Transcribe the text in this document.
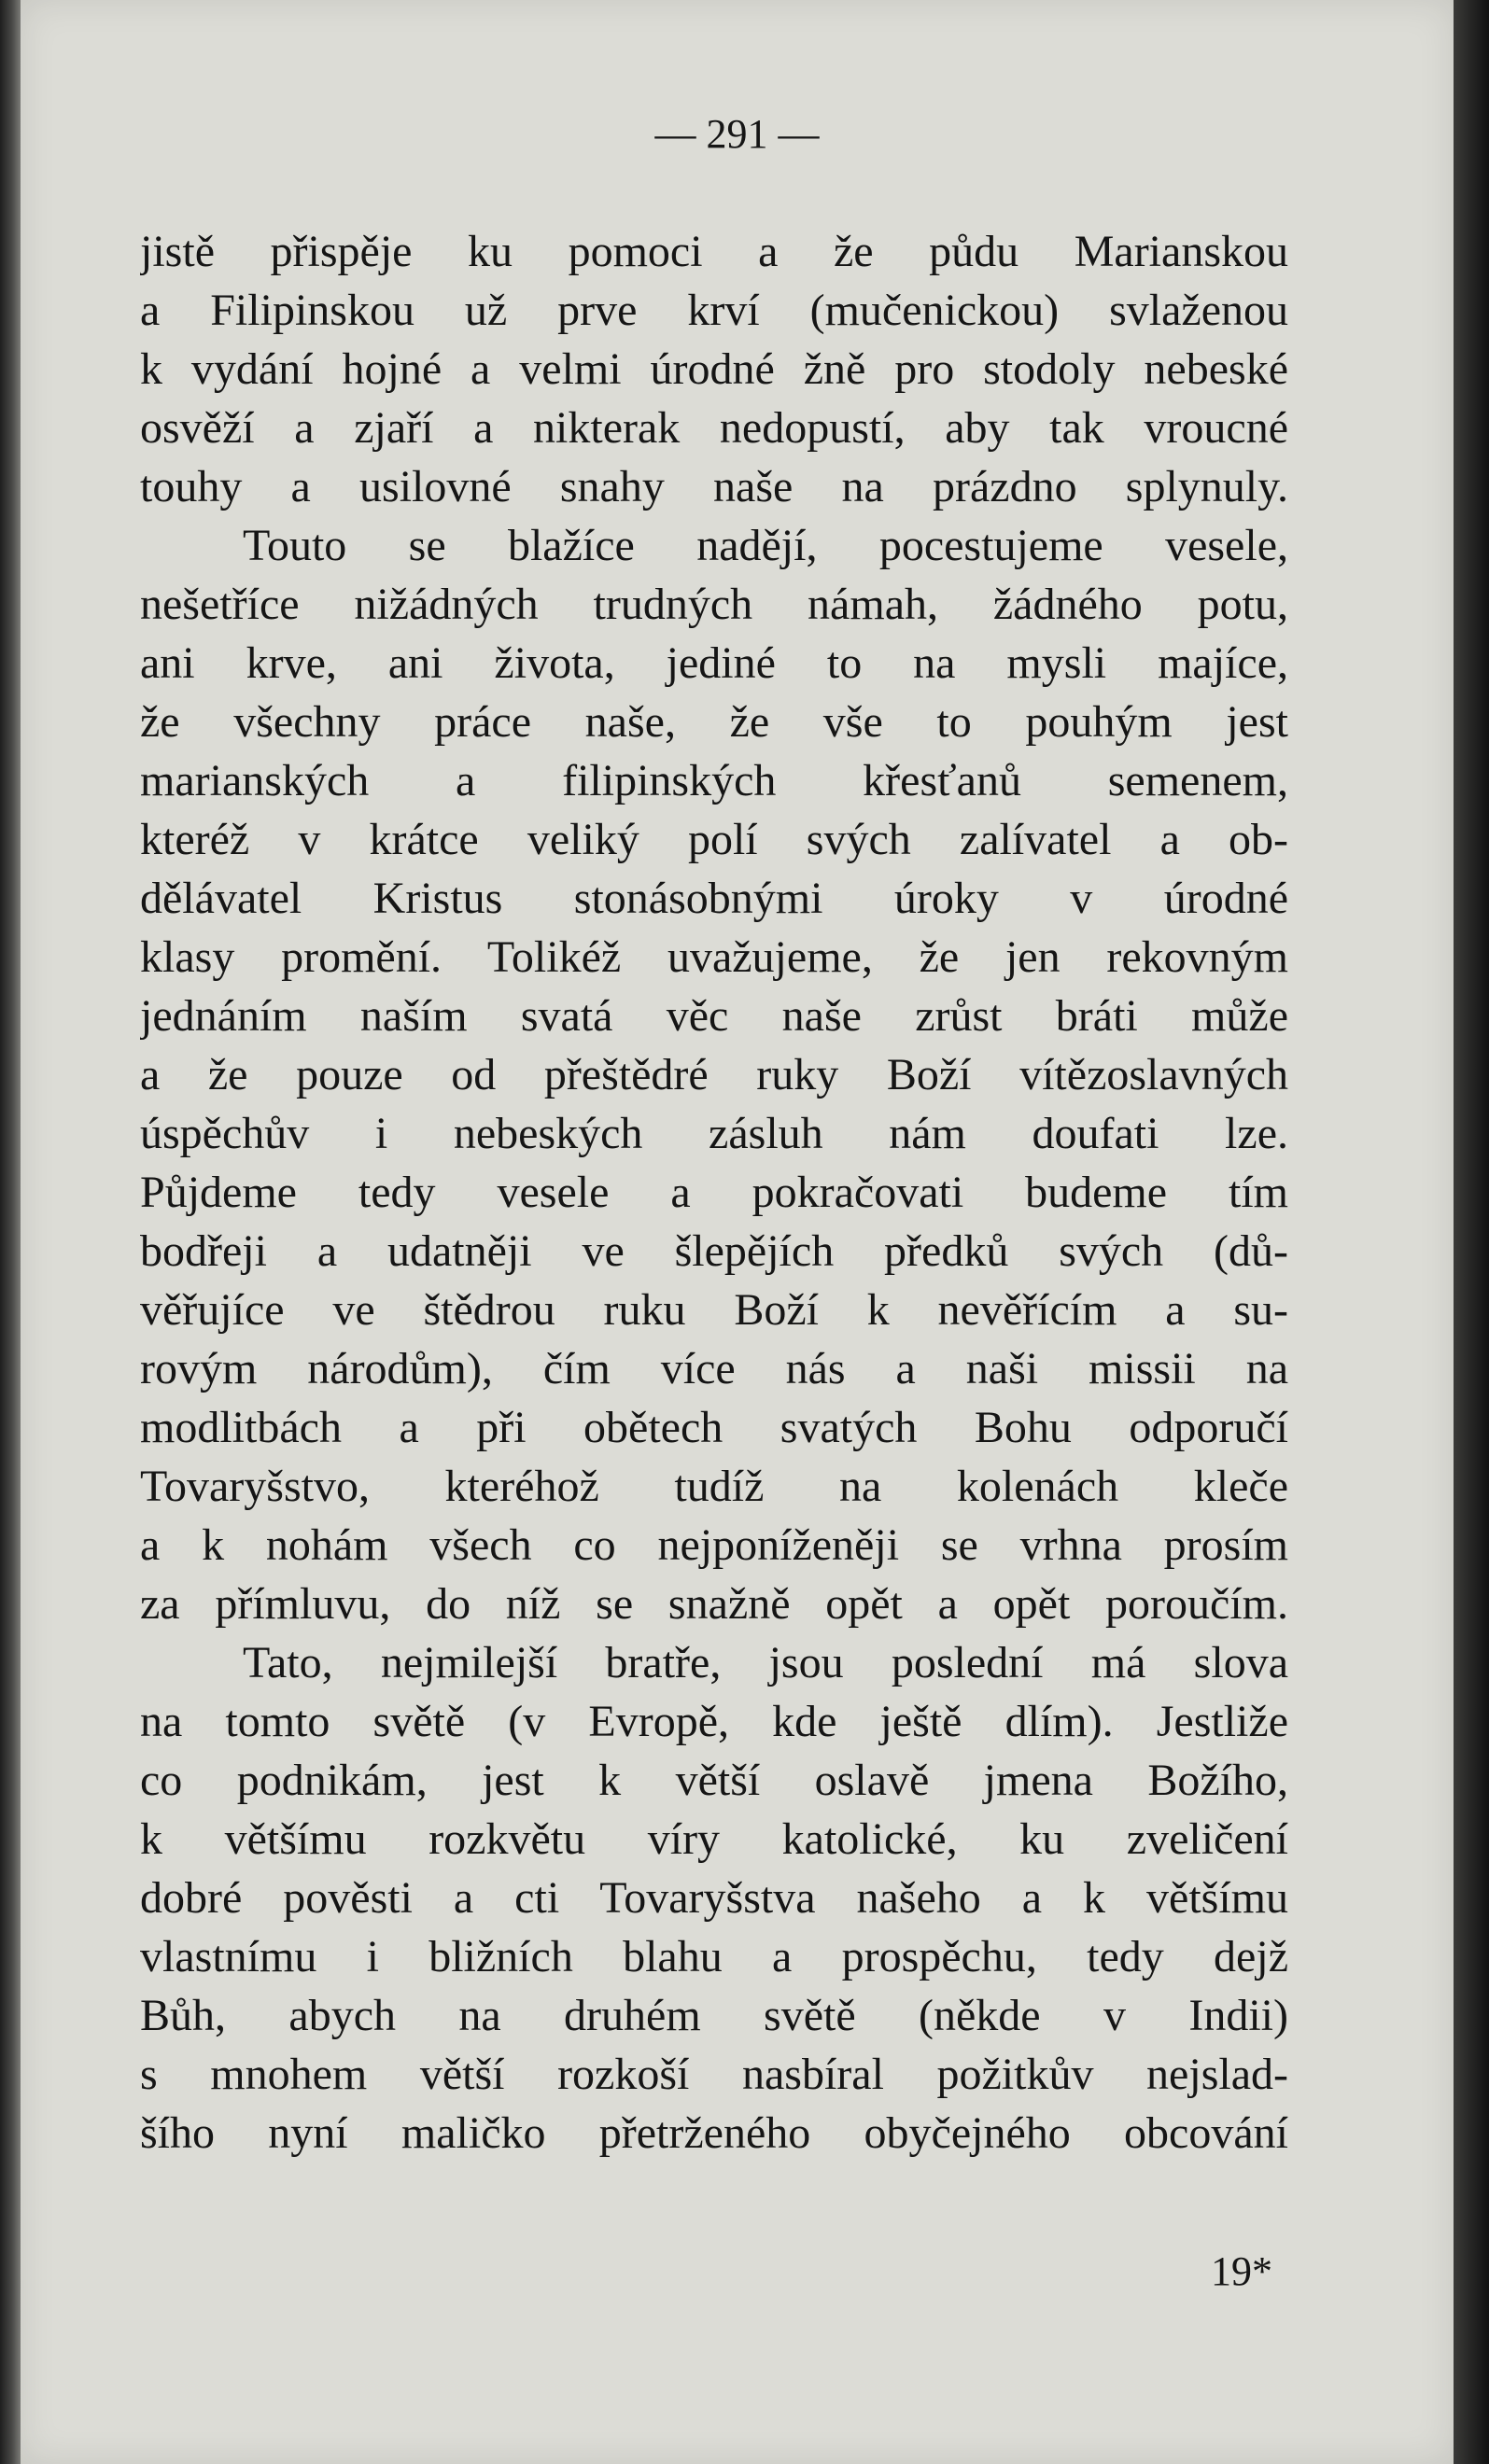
— 291 —
jistě přispěje ku pomoci a že půdu Marianskou
a Filipinskou už prve krví (mučenickou) svlaženou
k vydání hojné a velmi úrodné žně pro stodoly nebeské
osvěží a zjaří a nikterak nedopustí, aby tak vroucné
touhy a usilovné snahy naše na prázdno splynuly.
Touto se blažíce nadějí, pocestujeme vesele,
nešetříce nižádných trudných námah, žádného potu,
ani krve, ani života, jediné to na mysli majíce,
že všechny práce naše, že vše to pouhým jest
marianských a filipinských křesťanů semenem,
kteréž v krátce veliký polí svých zalívatel a ob-
dělávatel Kristus stonásobnými úroky v úrodné
klasy promění. Tolikéž uvažujeme, že jen rekovným
jednáním naším svatá věc naše zrůst bráti může
a že pouze od přeštědré ruky Boží vítězoslavných
úspěchův i nebeských zásluh nám doufati lze.
Půjdeme tedy vesele a pokračovati budeme tím
bodřeji a udatněji ve šlepějích předků svých (dů-
věřujíce ve štědrou ruku Boží k nevěřícím a su-
rovým národům), čím více nás a naši missii na
modlitbách a při obětech svatých Bohu odporučí
Tovaryšstvo, kteréhož tudíž na kolenách kleče
a k nohám všech co nejponíženěji se vrhna prosím
za přímluvu, do níž se snažně opět a opět poroučím.
Tato, nejmilejší bratře, jsou poslední má slova
na tomto světě (v Evropě, kde ještě dlím). Jestliže
co podnikám, jest k větší oslavě jmena Božího,
k většímu rozkvětu víry katolické, ku zveličení
dobré pověsti a cti Tovaryšstva našeho a k většímu
vlastnímu i bližních blahu a prospěchu, tedy dejž
Bůh, abych na druhém světě (někde v Indii)
s mnohem větší rozkoší nasbíral požitkův nejslad-
šího nyní maličko přetrženého obyčejného obcování
19*
